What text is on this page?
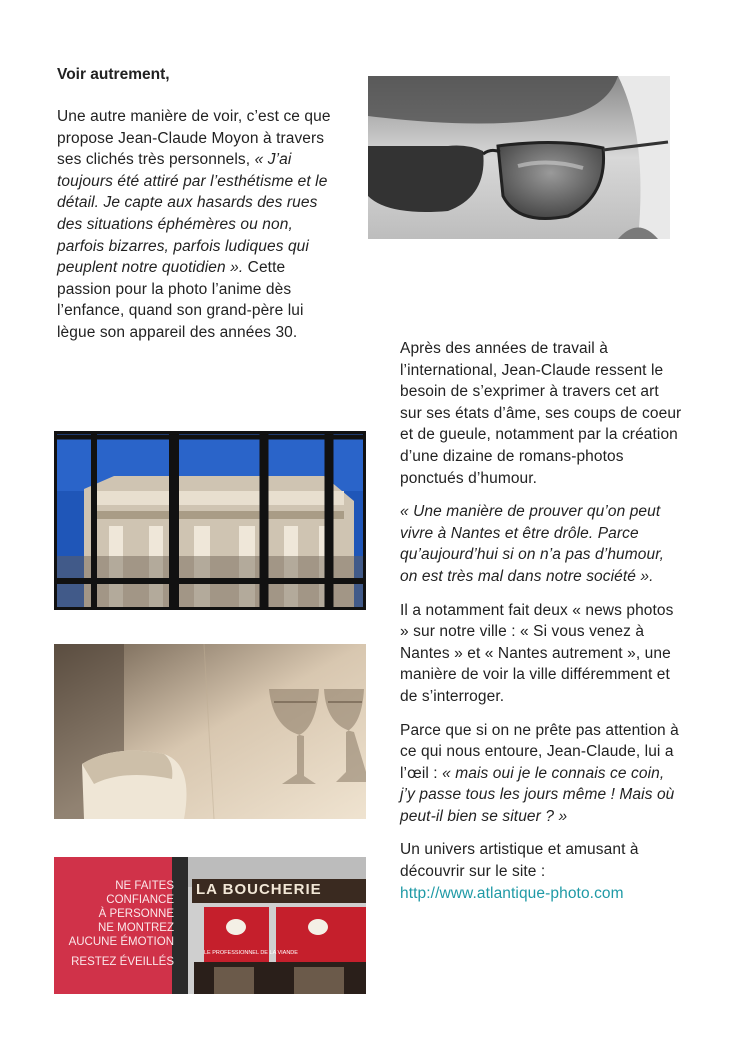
Voir autrement,
Une autre manière de voir, c’est ce que propose Jean-Claude Moyon à travers ses clichés très personnels, « J’ai toujours été attiré par l’esthétisme et le détail. Je capte aux hasards des rues des situations éphémères ou non, parfois bizarres, parfois ludiques qui peuplent notre quotidien ». Cette passion pour la photo l’anime dès l’enfance, quand son grand-père lui lègue son appareil des années 30.

Après des années de travail à l’international, Jean-Claude ressent le besoin de s’exprimer à travers cet art sur ses états d’âme, ses coups de coeur et de gueule, notamment par la création d’une dizaine de romans-photos ponctués d’humour.

« Une manière de prouver qu’on peut vivre à Nantes et être drôle. Parce qu’aujourd’hui si on n’a pas d’humour, on est très mal dans notre société ».

Il a notamment fait deux « news photos » sur notre ville : « Si vous venez à Nantes » et « Nantes autrement », une manière de voir la ville différemment et de s’interroger.

Parce que si on ne prête pas attention à ce qui nous entoure, Jean-Claude, lui a l’œil : « mais oui je le connais ce coin, j’y passe tous les jours même ! Mais où peut-il bien se situer ? »

Un univers artistique et amusant à découvrir sur le site :
http://www.atlantique-photo.com

NE FAITES CONFIANCE
À PERSONNE
NE MONTREZ
AUCUNE ÉMOTION
RESTEZ ÉVEILLÉS
LA BOUCHERIE
LE PROFESSIONNEL DE LA VIANDE
